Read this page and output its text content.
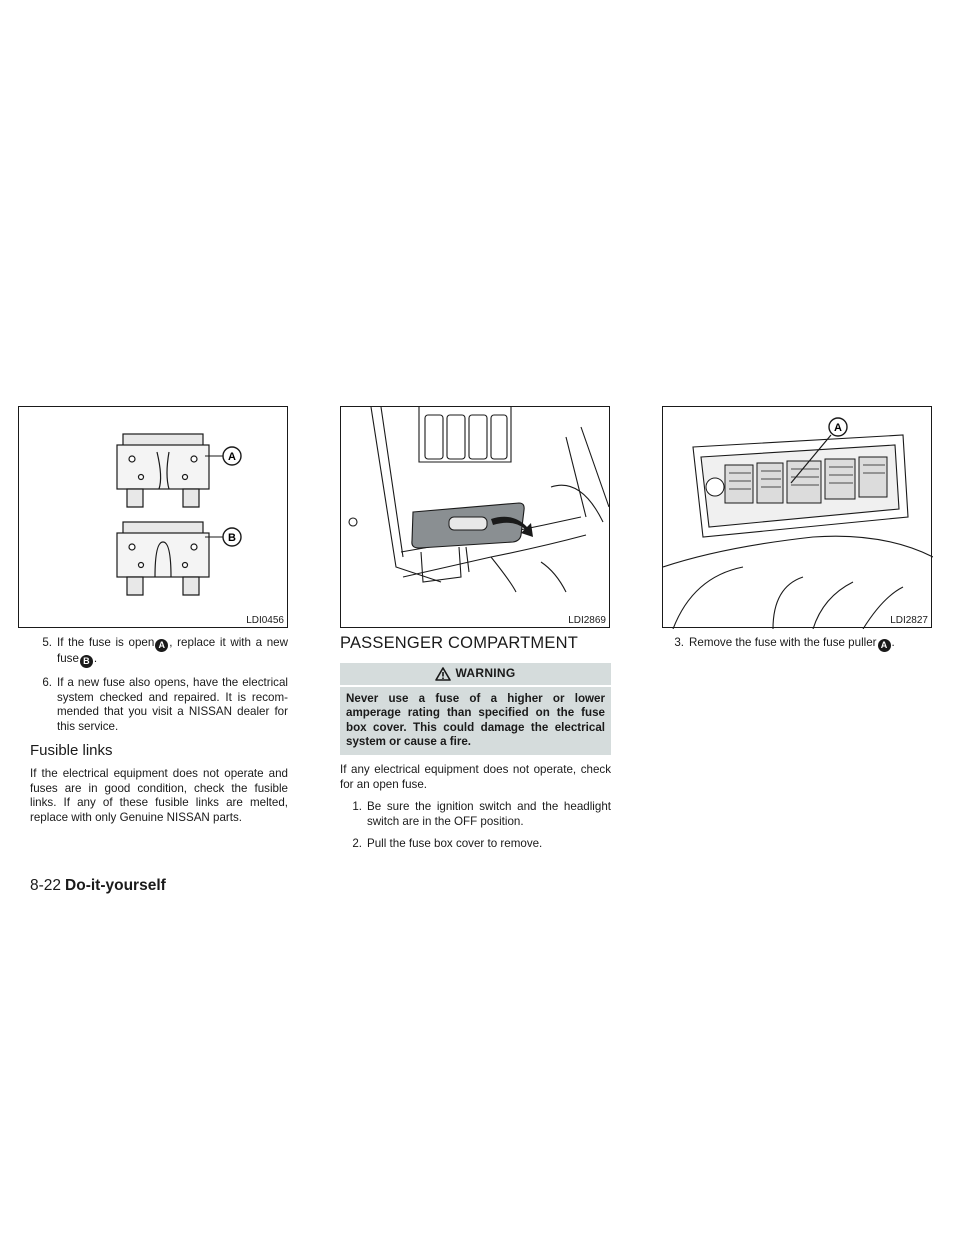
A
B
LDI0456	LDI2869
A
LDI2827
5. If the fuse is open A , replace it with a new fuse B .
6. If a new fuse also opens, have the electrical system checked and repaired. It is recommended that you visit a NISSAN dealer for this service.
Fusible links

If the electrical equipment does not operate and fuses are in good condition, check the fusible links. If any of these fusible links are melted, replace with only Genuine NISSAN parts.

PASSENGER COMPARTMENT
WARNING
Never use a fuse of a higher or lower amperage rating than specified on the fuse box cover. This could damage the electrical system or cause a fire.

If any electrical equipment does not operate, check for an open fuse.

1. Be sure the ignition switch and the headlight switch are in the OFF position.
2. Pull the fuse box cover to remove.
3. Remove the fuse with the fuse puller A .
8-22 Do-it-yourself
